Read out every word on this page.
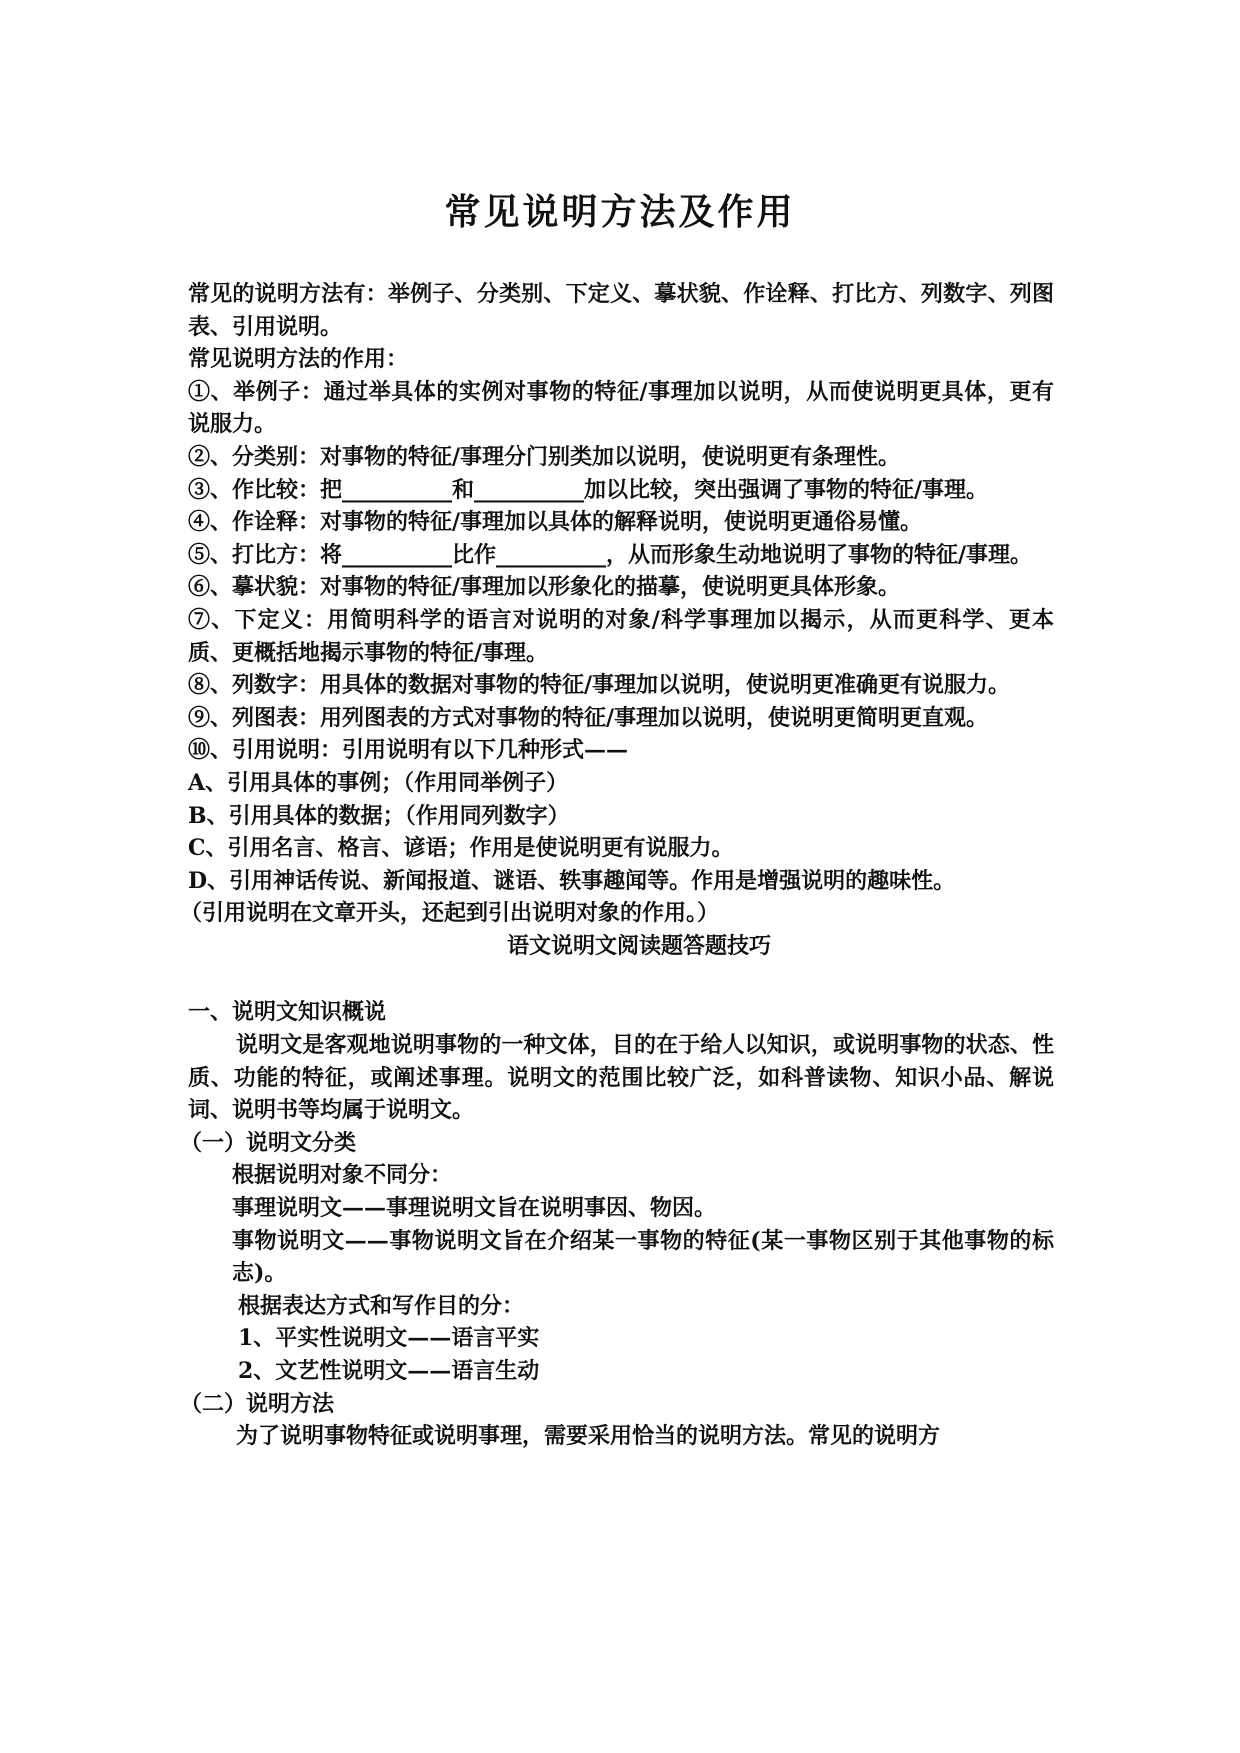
常见说明方法及作用

常见的说明方法有：举例子、分类别、下定义、摹状貌、作诠释、打比方、列数字、列图表、引用说明。

常见说明方法的作用：

①、举例子：通过举具体的实例对事物的特征/事理加以说明，从而使说明更具体，更有说服力。

②、分类别：对事物的特征/事理分门别类加以说明，使说明更有条理性。

③、作比较：把__________和__________加以比较，突出强调了事物的特征/事理。

④、作诠释：对事物的特征/事理加以具体的解释说明，使说明更通俗易懂。

⑤、打比方：将__________比作__________，从而形象生动地说明了事物的特征/事理。

⑥、摹状貌：对事物的特征/事理加以形象化的描摹，使说明更具体形象。

⑦、下定义：用简明科学的语言对说明的对象/科学事理加以揭示，从而更科学、更本质、更概括地揭示事物的特征/事理。

⑧、列数字：用具体的数据对事物的特征/事理加以说明，使说明更准确更有说服力。

⑨、列图表：用列图表的方式对事物的特征/事理加以说明，使说明更简明更直观。

⑩、引用说明：引用说明有以下几种形式——

A、引用具体的事例；（作用同举例子）

B、引用具体的数据；（作用同列数字）

C、引用名言、格言、谚语；作用是使说明更有说服力。

D、引用神话传说、新闻报道、谜语、轶事趣闻等。作用是增强说明的趣味性。

（引用说明在文章开头，还起到引出说明对象的作用。）

语文说明文阅读题答题技巧

一、说明文知识概说

说明文是客观地说明事物的一种文体，目的在于给人以知识，或说明事物的状态、性质、功能的特征，或阐述事理。说明文的范围比较广泛，如科普读物、知识小品、解说词、说明书等均属于说明文。

（一）说明文分类

根据说明对象不同分：

事理说明文——事理说明文旨在说明事因、物因。

事物说明文——事物说明文旨在介绍某一事物的特征(某一事物区别于其他事物的标志)。

根据表达方式和写作目的分：

1、平实性说明文——语言平实

2、文艺性说明文——语言生动

（二）说明方法

为了说明事物特征或说明事理，需要采用恰当的说明方法。常见的说明方
